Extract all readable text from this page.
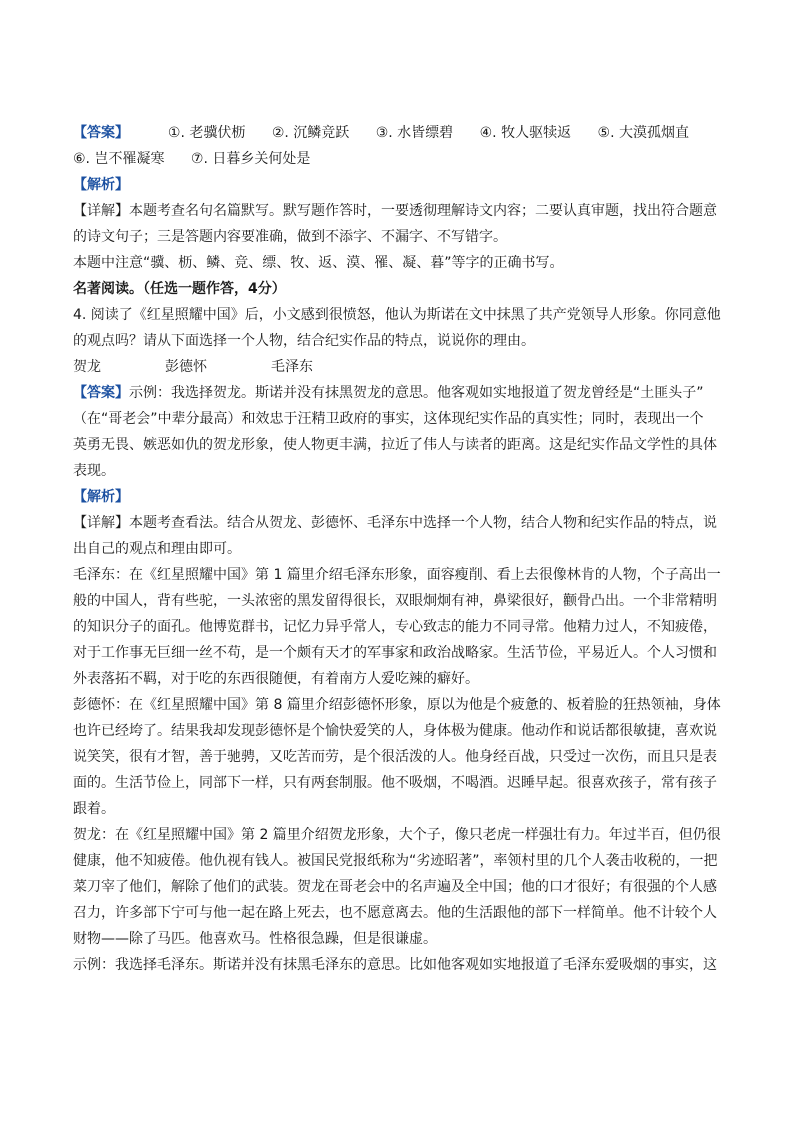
【答案】	①. 老骥伏枥 ②. 沉鳞竞跃 ③. 水皆缥碧 ④. 牧人驱犊返 ⑤. 大漠孤烟直
⑥. 岂不罹凝寒 ⑦. 日暮乡关何处是
【解析】
【详解】本题考查名句名篇默写。默写题作答时，一要透彻理解诗文内容；二要认真审题，找出符合题意
的诗文句子；三是答题内容要准确，做到不添字、不漏字、不写错字。
本题中注意“骥、枥、鳞、竞、缥、牧、返、漠、罹、凝、暮”等字的正确书写。
名著阅读。（任选一题作答，4分）
4. 阅读了《红星照耀中国》后，小文感到很愤怒，他认为斯诺在文中抹黑了共产党领导人形象。你同意他
的观点吗？请从下面选择一个人物，结合纪实作品的特点，说说你的理由。
贺龙	彭德怀	毛泽东
【答案】示例：我选择贺龙。斯诺并没有抹黑贺龙的意思。他客观如实地报道了贺龙曾经是“土匪头子”
（在“哥老会”中辈分最高）和效忠于汪精卫政府的事实，这体现纪实作品的真实性；同时，表现出一个
英勇无畏、嫉恶如仇的贺龙形象，使人物更丰满，拉近了伟人与读者的距离。这是纪实作品文学性的具体
表现。
【解析】
【详解】本题考查看法。结合从贺龙、彭德怀、毛泽东中选择一个人物，结合人物和纪实作品的特点，说
出自己的观点和理由即可。
毛泽东：在《红星照耀中国》第 1 篇里介绍毛泽东形象，面容瘦削、看上去很像林肯的人物，个子高出一
般的中国人，背有些驼，一头浓密的黑发留得很长，双眼炯炯有神，鼻梁很好，颧骨凸出。一个非常精明
的知识分子的面孔。他博览群书，记忆力异乎常人，专心致志的能力不同寻常。他精力过人，不知疲倦，
对于工作事无巨细一丝不苟，是一个颇有天才的军事家和政治战略家。生活节俭，平易近人。个人习惯和
外表落拓不羁，对于吃的东西很随便，有着南方人爱吃辣的癖好。
彭德怀：在《红星照耀中国》第 8 篇里介绍彭德怀形象，原以为他是个疲惫的、板着脸的狂热领袖，身体
也许已经垮了。结果我却发现彭德怀是个愉快爱笑的人，身体极为健康。他动作和说话都很敏捷，喜欢说
说笑笑，很有才智，善于驰骋，又吃苦而劳，是个很活泼的人。他身经百战，只受过一次伤，而且只是表
面的。生活节俭上，同部下一样，只有两套制服。他不吸烟，不喝酒。迟睡早起。很喜欢孩子，常有孩子
跟着。
贺龙：在《红星照耀中国》第 2 篇里介绍贺龙形象，大个子，像只老虎一样强壮有力。年过半百，但仍很
健康，他不知疲倦。他仇视有钱人。被国民党报纸称为“劣迹昭著”，率领村里的几个人袭击收税的，一把
菜刀宰了他们，解除了他们的武装。贺龙在哥老会中的名声遍及全中国；他的口才很好；有很强的个人感
召力，许多部下宁可与他一起在路上死去，也不愿意离去。他的生活跟他的部下一样简单。他不计较个人
财物——除了马匹。他喜欢马。性格很急躁，但是很谦虚。
示例：我选择毛泽东。斯诺并没有抹黑毛泽东的意思。比如他客观如实地报道了毛泽东爱吸烟的事实，这
